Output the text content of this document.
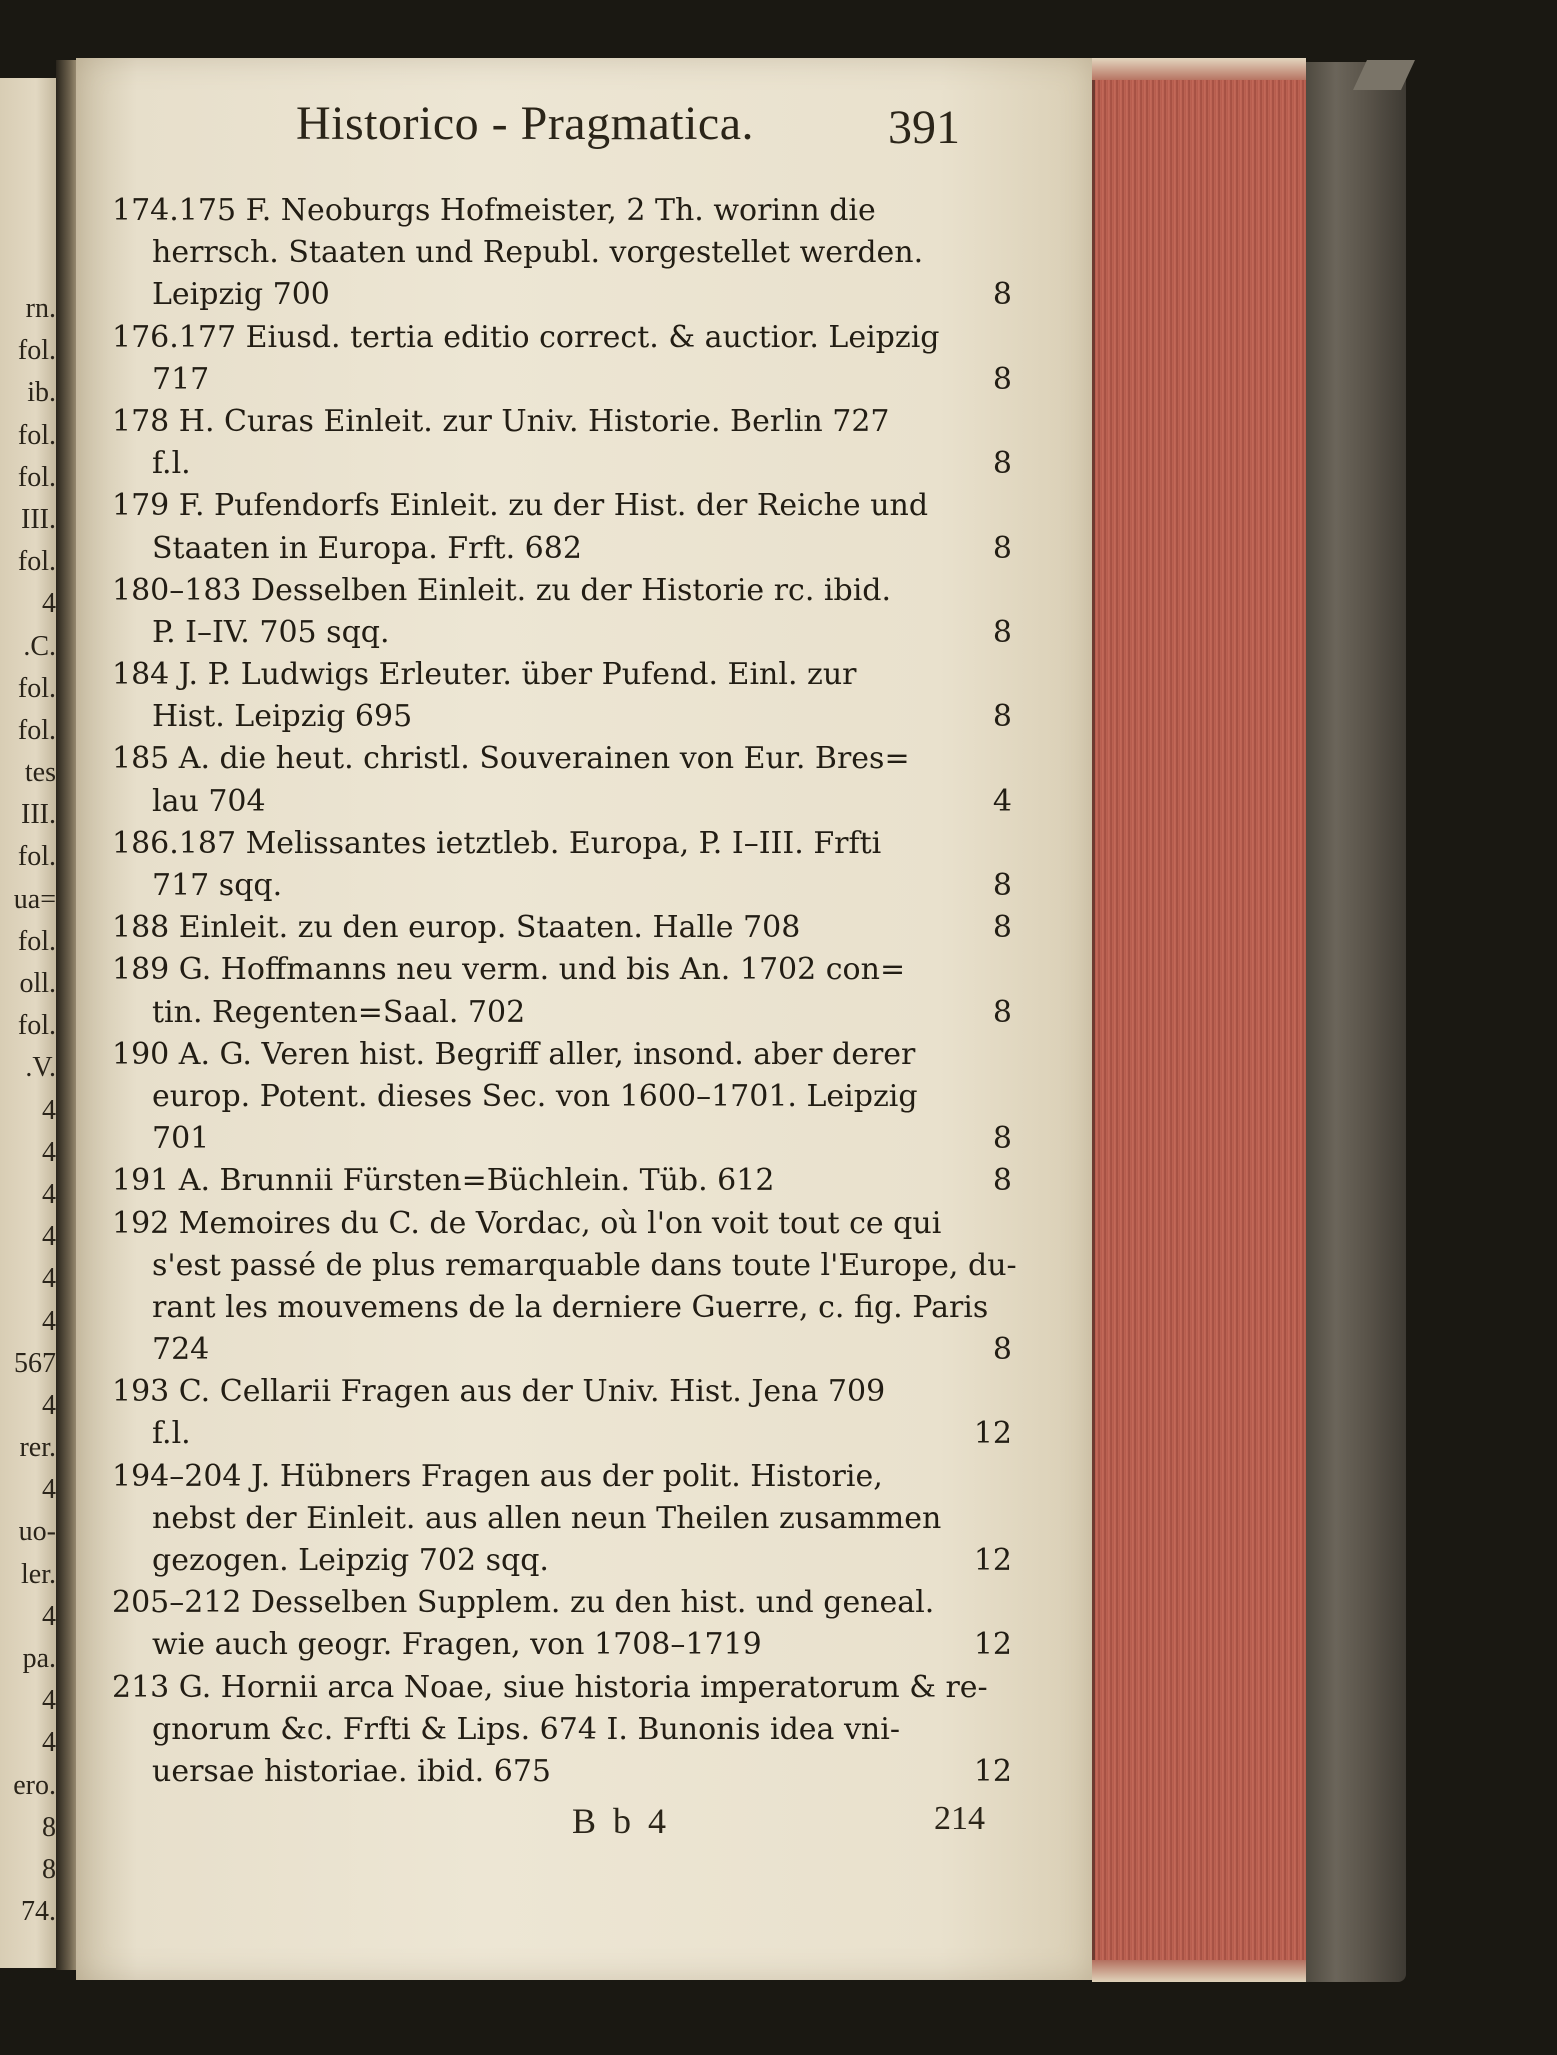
rn.
fol.
ib.
fol.
fol.
III.
fol.
4
.C.
fol.
fol.
tes
III.
fol.
ua=
fol.
oll.
fol.
.V.
4
4
4
4
4
4
567
4
rer.
4
uo-
ler.
4
pa.
4
4
ero.
8
8
74.
Historico - Pragmatica.	391
174.175 F. Neoburgs Hofmeister, 2 Th. worinn die
herrsch. Staaten und Republ. vorgestellet werden.
Leipzig 700	8
176.177 Eiusd. tertia editio correct. & auctior. Leipzig
717	8
178 H. Curas Einleit. zur Univ. Historie. Berlin 727
f.l.	8
179 F. Pufendorfs Einleit. zu der Hist. der Reiche und
Staaten in Europa. Frft. 682	8
180–183 Desselben Einleit. zu der Historie rc. ibid.
P. I–IV. 705 sqq.	8
184 J. P. Ludwigs Erleuter. über Pufend. Einl. zur
Hist. Leipzig 695	8
185 A. die heut. christl. Souverainen von Eur. Bres=
lau 704	4
186.187 Melissantes ietztleb. Europa, P. I–III. Frfti
717 sqq.	8
188 Einleit. zu den europ. Staaten. Halle 708	8
189 G. Hoffmanns neu verm. und bis An. 1702 con=
tin. Regenten=Saal. 702	8
190 A. G. Veren hist. Begriff aller, insond. aber derer
europ. Potent. dieses Sec. von 1600–1701. Leipzig
701	8
191 A. Brunnii Fürsten=Büchlein. Tüb. 612	8
192 Memoires du C. de Vordac, où l'on voit tout ce qui
s'est passé de plus remarquable dans toute l'Europe, du-
rant les mouvemens de la derniere Guerre, c. fig. Paris
724	8
193 C. Cellarii Fragen aus der Univ. Hist. Jena 709
f.l.	12
194–204 J. Hübners Fragen aus der polit. Historie,
nebst der Einleit. aus allen neun Theilen zusammen
gezogen. Leipzig 702 sqq.	12
205–212 Desselben Supplem. zu den hist. und geneal.
wie auch geogr. Fragen, von 1708–1719	12
213 G. Hornii arca Noae, siue historia imperatorum & re-
gnorum &c. Frfti & Lips. 674 I. Bunonis idea vni-
uersae historiae. ibid. 675	12
B b 4	214
